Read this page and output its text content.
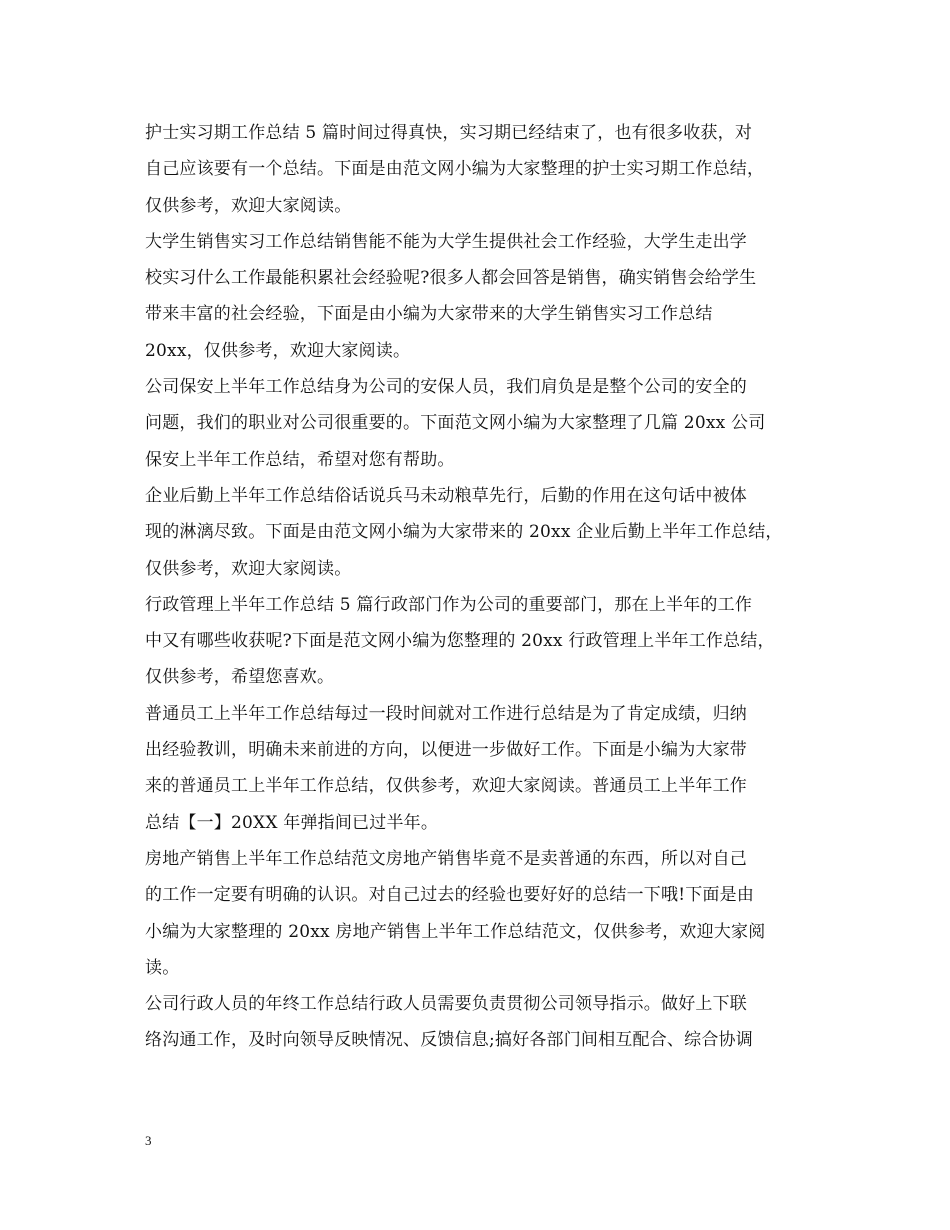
护士实习期工作总结 5 篇时间过得真快，实习期已经结束了，也有很多收获，对
自己应该要有一个总结。下面是由范文网小编为大家整理的护士实习期工作总结，
仅供参考，欢迎大家阅读。

大学生销售实习工作总结销售能不能为大学生提供社会工作经验，大学生走出学
校实习什么工作最能积累社会经验呢?很多人都会回答是销售，确实销售会给学生
带来丰富的社会经验，下面是由小编为大家带来的大学生销售实习工作总结
20xx，仅供参考，欢迎大家阅读。

公司保安上半年工作总结身为公司的安保人员，我们肩负是是整个公司的安全的
问题，我们的职业对公司很重要的。下面范文网小编为大家整理了几篇 20xx 公司
保安上半年工作总结，希望对您有帮助。

企业后勤上半年工作总结俗话说兵马未动粮草先行，后勤的作用在这句话中被体
现的淋漓尽致。下面是由范文网小编为大家带来的 20xx 企业后勤上半年工作总结，
仅供参考，欢迎大家阅读。

行政管理上半年工作总结 5 篇行政部门作为公司的重要部门，那在上半年的工作
中又有哪些收获呢?下面是范文网小编为您整理的 20xx 行政管理上半年工作总结，
仅供参考，希望您喜欢。

普通员工上半年工作总结每过一段时间就对工作进行总结是为了肯定成绩，归纳
出经验教训，明确未来前进的方向，以便进一步做好工作。下面是小编为大家带
来的普通员工上半年工作总结，仅供参考，欢迎大家阅读。普通员工上半年工作
总结【一】20XX 年弹指间已过半年。

房地产销售上半年工作总结范文房地产销售毕竟不是卖普通的东西，所以对自己
的工作一定要有明确的认识。对自己过去的经验也要好好的总结一下哦!下面是由
小编为大家整理的 20xx 房地产销售上半年工作总结范文，仅供参考，欢迎大家阅
读。

公司行政人员的年终工作总结行政人员需要负责贯彻公司领导指示。做好上下联
络沟通工作，及时向领导反映情况、反馈信息;搞好各部门间相互配合、综合协调

3
